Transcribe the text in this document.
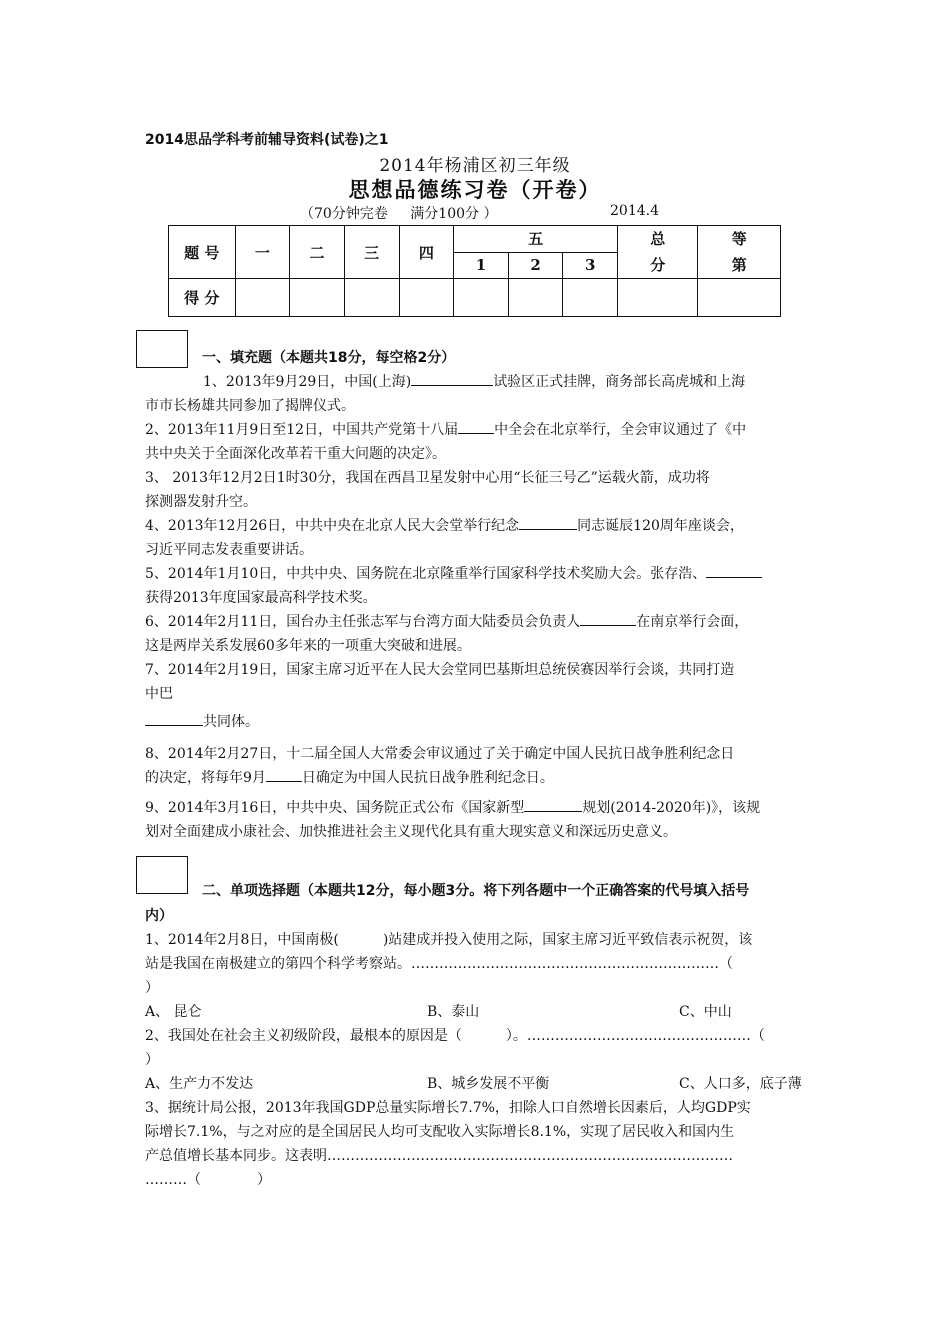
2014思品学科考前辅导资料(试卷)之1
2014年杨浦区初三年级
思想品德练习卷（开卷）
（70分钟完卷 满分100分 ）	2014.4
题 号	一	二	三	四	五			总分	等第

					1	2	3		
得 分									
一、填充题（本题共18分，每空格2分）

1、2013年9月29日，中国(上海)	试验区正式挂牌，商务部长高虎城和上海

市市长杨雄共同参加了揭牌仪式。

2、2013年11月9日至12日，中国共产党第十八届	中全会在北京举行，全会审议通过了《中

共中央关于全面深化改革若干重大问题的决定》。

3、 2013年12月2日1时30分，我国在西昌卫星发射中心用“长征三号乙”运载火箭，成功将

探测器发射升空。

4、2013年12月26日，中共中央在北京人民大会堂举行纪念	同志诞辰120周年座谈会，

习近平同志发表重要讲话。

5、2014年1月10日，中共中央、国务院在北京隆重举行国家科学技术奖励大会。张存浩、

获得2013年度国家最高科学技术奖。

6、2014年2月11日，国台办主任张志军与台湾方面大陆委员会负责人	在南京举行会面，

这是两岸关系发展60多年来的一项重大突破和进展。

7、2014年2月19日，国家主席习近平在人民大会堂同巴基斯坦总统侯赛因举行会谈，共同打造

中巴

共同体。

8、2014年2月27日，十二届全国人大常委会审议通过了关于确定中国人民抗日战争胜利纪念日

的决定，将每年9月	日确定为中国人民抗日战争胜利纪念日。

9、2014年3月16日，中共中央、国务院正式公布《国家新型	规划(2014-2020年)》，该规

划对全面建成小康社会、加快推进社会主义现代化具有重大现实意义和深远历史意义。

二、单项选择题（本题共12分，每小题3分。将下列各题中一个正确答案的代号填入括号
内）

1、2014年2月8日，中国南极(	)站建成并投入使用之际，国家主席习近平致信表示祝贺，该

站是我国在南极建立的第四个科学考察站。…………………………………………………………（

）

A、 昆仑	B、泰山	C、中山

2、我国处在社会主义初级阶段，最根本的原因是（	）。…………………………………………（

）

A、生产力不发达	B、城乡发展不平衡	C、人口多，底子薄

3、据统计局公报，2013年我国GDP总量实际增长7.7%，扣除人口自然增长因素后，人均GDP实

际增长7.1%，与之对应的是全国居民人均可支配收入实际增长8.1%，实现了居民收入和国内生

产总值增长基本同步。这表明……………………………………………………………………………

………（	）
